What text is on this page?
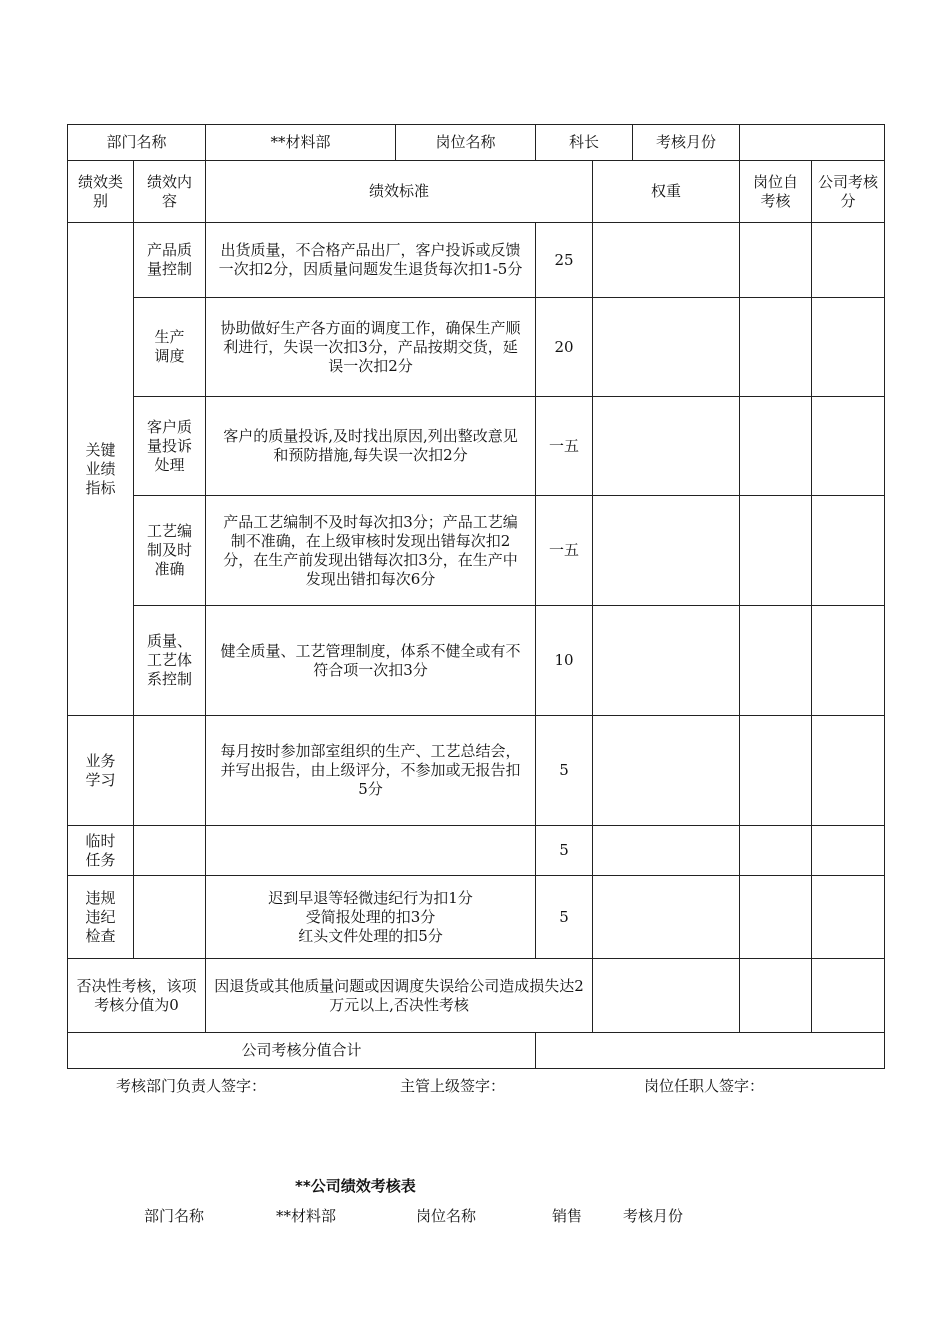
部门名称		**材料部	岗位名称	科长		考核月份		
绩效类别	绩效内容	绩效标准			权重		岗位自考核	公司考核分
关键业绩指标	产品质量控制	出货质量，不合格产品出厂，客户投诉或反馈一次扣2分，因质量问题发生退货每次扣1-5分	25			
	生产调度	协助做好生产各方面的调度工作，确保生产顺利进行，失误一次扣3分，产品按期交货，延误一次扣2分	20			
	客户质量投诉处理	客户的质量投诉,及时找出原因,列出整改意见和预防措施,每失误一次扣2分	一五			
	工艺编制及时准确	产品工艺编制不及时每次扣3分；产品工艺编制不准确，在上级审核时发现出错每次扣2分，在生产前发现出错每次扣3分，在生产中发现出错扣每次6分	一五			
	质量、工艺体系控制	健全质量、工艺管理制度，体系不健全或有不符合项一次扣3分	10			
业务学习		每月按时参加部室组织的生产、工艺总结会，并写出报告，由上级评分，不参加或无报告扣5分	5			
临时任务			5			
违规违纪检查		迟到早退等轻微违纪行为扣1分
受简报处理的扣3分
红头文件处理的扣5分	5			
否决性考核，该项考核分值为0		因退货或其他质量问题或因调度失误给公司造成损失达2万元以上,否决性考核				
公司考核分值合计						
考核部门负责人签字：	主管上级签字：	岗位任职人签字：
**公司绩效考核表
部门名称	**材料部	岗位名称	销售	考核月份
